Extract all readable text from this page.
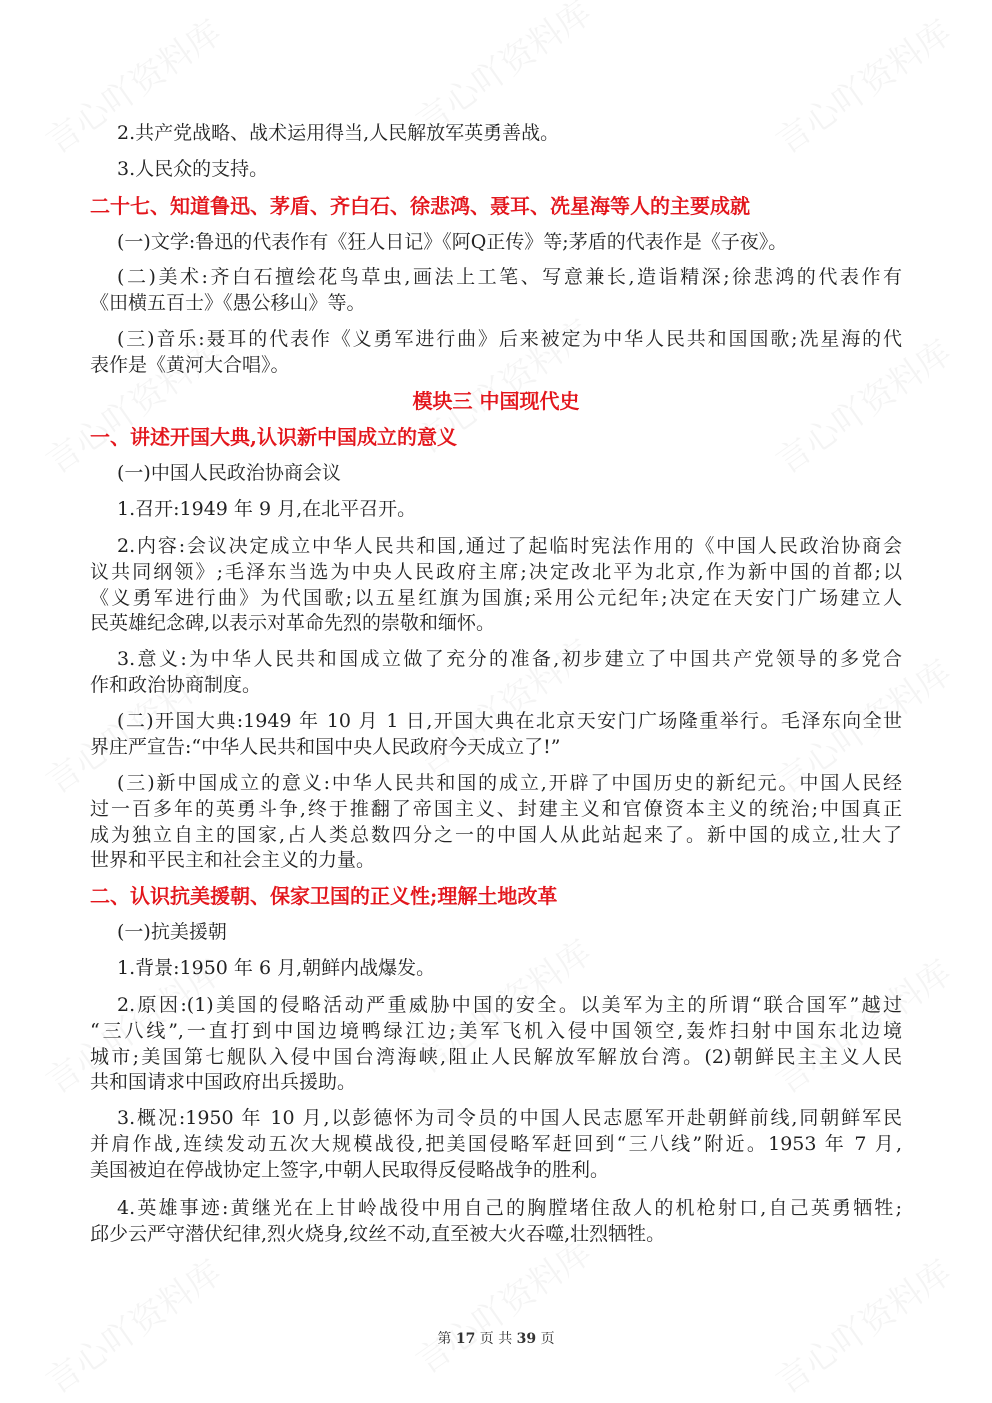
2.共产党战略、战术运用得当,人民解放军英勇善战。
3.人民众的支持。
二十七、知道鲁迅、茅盾、齐白石、徐悲鸿、聂耳、冼星海等人的主要成就
(一)文学:鲁迅的代表作有《狂人日记》《阿Q正传》等;茅盾的代表作是《子夜》。
(二)美术:齐白石擅绘花鸟草虫,画法上工笔、写意兼长,造诣精深;徐悲鸿的代表作有
《田横五百士》《愚公移山》等。
(三)音乐:聂耳的代表作《义勇军进行曲》后来被定为中华人民共和国国歌;冼星海的代
表作是《黄河大合唱》。
模块三 中国现代史
一、讲述开国大典,认识新中国成立的意义
(一)中国人民政治协商会议
1.召开:1949 年 9 月,在北平召开。
2.内容:会议决定成立中华人民共和国,通过了起临时宪法作用的《中国人民政治协商会
议共同纲领》;毛泽东当选为中央人民政府主席;决定改北平为北京,作为新中国的首都;以
《义勇军进行曲》为代国歌;以五星红旗为国旗;采用公元纪年;决定在天安门广场建立人
民英雄纪念碑,以表示对革命先烈的崇敬和缅怀。
3.意义:为中华人民共和国成立做了充分的准备,初步建立了中国共产党领导的多党合
作和政治协商制度。
(二)开国大典:1949 年 10 月 1 日,开国大典在北京天安门广场隆重举行。毛泽东向全世
界庄严宣告:“中华人民共和国中央人民政府今天成立了!”
(三)新中国成立的意义:中华人民共和国的成立,开辟了中国历史的新纪元。中国人民经
过一百多年的英勇斗争,终于推翻了帝国主义、封建主义和官僚资本主义的统治;中国真正
成为独立自主的国家,占人类总数四分之一的中国人从此站起来了。新中国的成立,壮大了
世界和平民主和社会主义的力量。
二、认识抗美援朝、保家卫国的正义性;理解土地改革
(一)抗美援朝
1.背景:1950 年 6 月,朝鲜内战爆发。
2.原因:(1)美国的侵略活动严重威胁中国的安全。以美军为主的所谓“联合国军”越过
“三八线”,一直打到中国边境鸭绿江边;美军飞机入侵中国领空,轰炸扫射中国东北边境
城市;美国第七舰队入侵中国台湾海峡,阻止人民解放军解放台湾。(2)朝鲜民主主义人民
共和国请求中国政府出兵援助。
3.概况:1950 年 10 月,以彭德怀为司令员的中国人民志愿军开赴朝鲜前线,同朝鲜军民
并肩作战,连续发动五次大规模战役,把美国侵略军赶回到“三八线”附近。1953 年 7 月,
美国被迫在停战协定上签字,中朝人民取得反侵略战争的胜利。
4.英雄事迹:黄继光在上甘岭战役中用自己的胸膛堵住敌人的机枪射口,自己英勇牺牲;
邱少云严守潜伏纪律,烈火烧身,纹丝不动,直至被大火吞噬,壮烈牺牲。
第 17 页 共 39 页
